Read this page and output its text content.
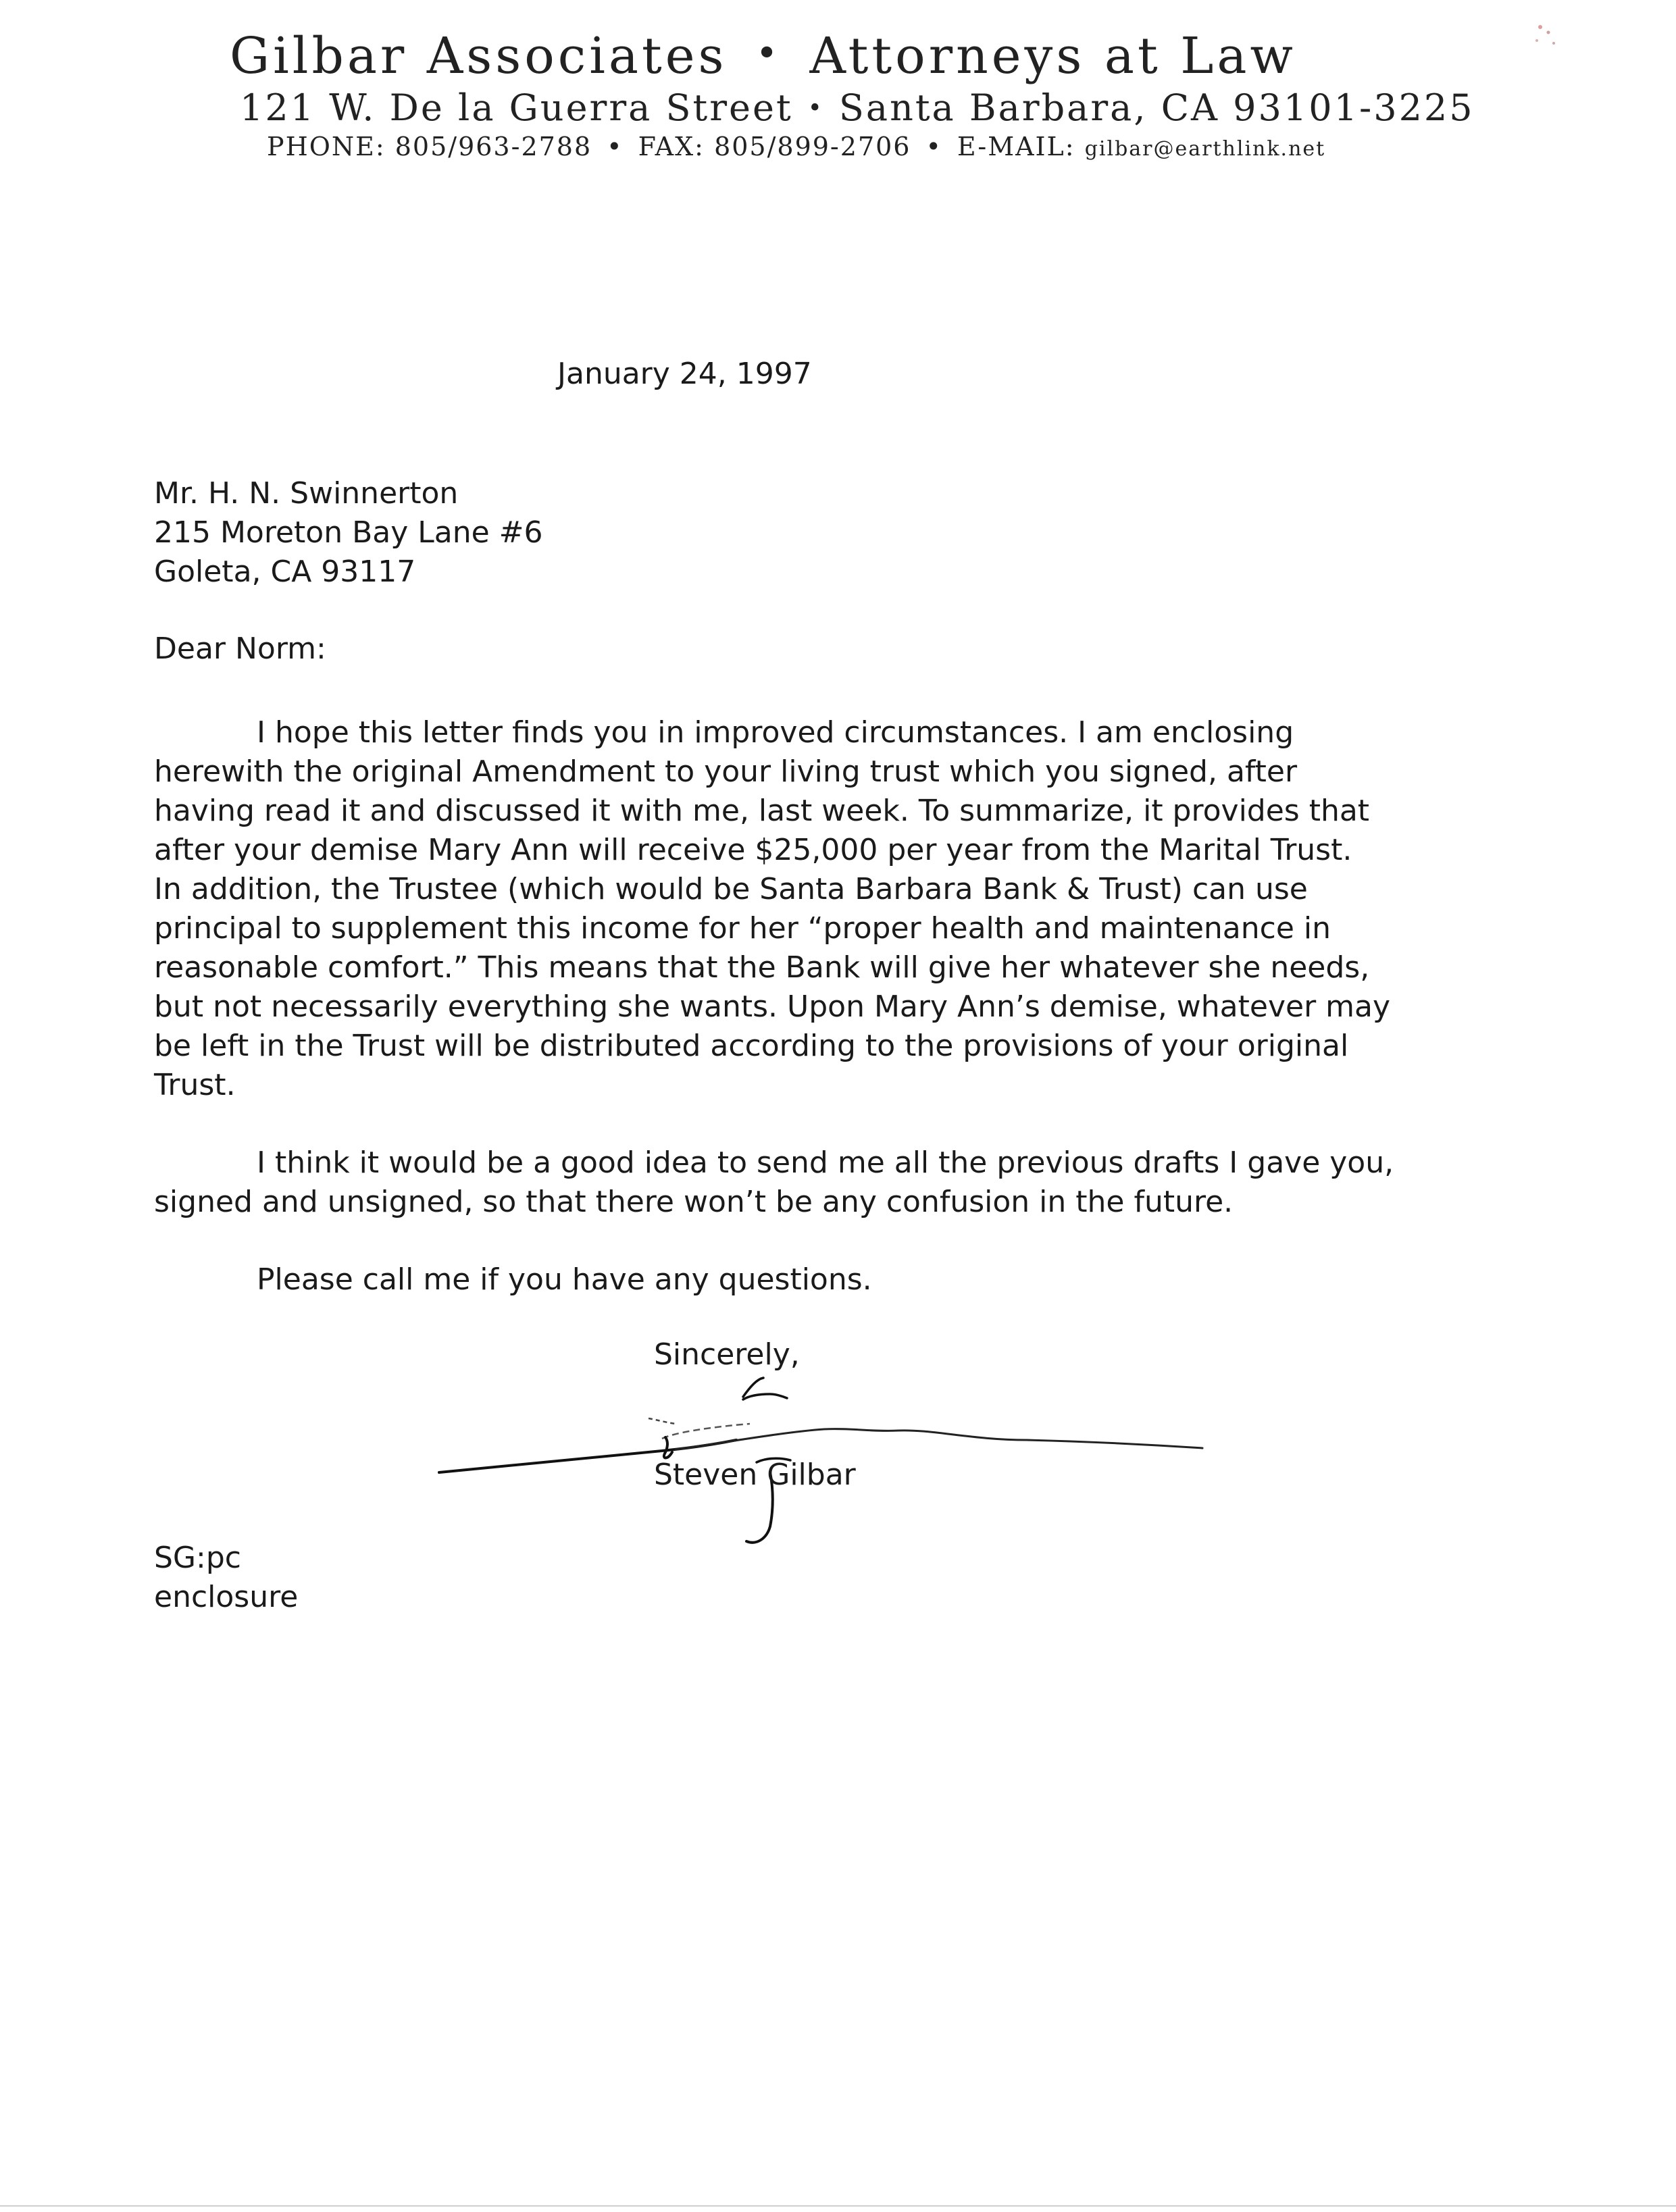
Gilbar Associates • Attorneys at Law
121 W. De la Guerra Street • Santa Barbara, CA 93101-3225
PHONE: 805/963-2788 • FAX: 805/899-2706 • E-MAIL: gilbar@earthlink.net
January 24, 1997
Mr. H. N. Swinnerton
215 Moreton Bay Lane #6
Goleta, CA 93117
Dear Norm:
I hope this letter finds you in improved circumstances. I am enclosing
herewith the original Amendment to your living trust which you signed, after
having read it and discussed it with me, last week. To summarize, it provides that
after your demise Mary Ann will receive $25,000 per year from the Marital Trust.
In addition, the Trustee (which would be Santa Barbara Bank & Trust) can use
principal to supplement this income for her “proper health and maintenance in
reasonable comfort.” This means that the Bank will give her whatever she needs,
but not necessarily everything she wants. Upon Mary Ann’s demise, whatever may
be left in the Trust will be distributed according to the provisions of your original
Trust.
I think it would be a good idea to send me all the previous drafts I gave you,
signed and unsigned, so that there won’t be any confusion in the future.
Please call me if you have any questions.
Sincerely,
Steven Gilbar
SG:pc
enclosure
